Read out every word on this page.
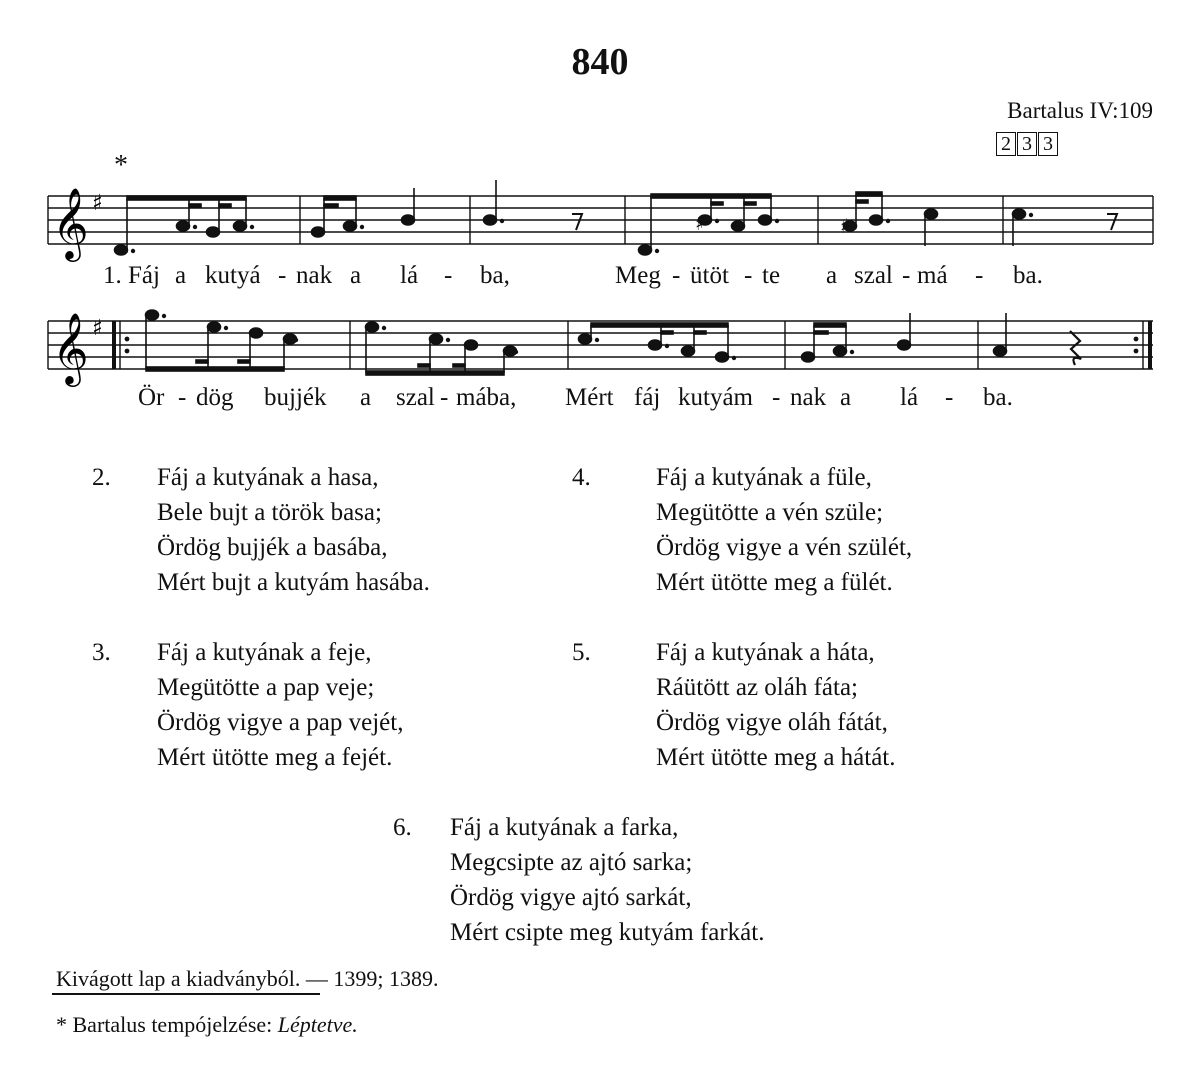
840
Bartalus IV:109
2 3 3
*
𝄞 ♯
♯	♯
1. Fáj a kutyá - nak a lá - ba,	Meg - ütöt - te a szal - má - ba.
𝄞 ♯
Ör - dög bujjék a szal - mába, Mért fáj kutyám - nak a lá - ba.
2. Fáj a kutyának a hasa,
Bele bujt a török basa;
Ördög bujjék a basába,
Mért bujt a kutyám hasába.
4.	Fáj a kutyának a füle,
Megütötte a vén szüle;
Ördög vigye a vén szülét,
Mért ütötte meg a fülét.
3. Fáj a kutyának a feje,
Megütötte a pap veje;
Ördög vigye a pap vejét,
Mért ütötte meg a fejét.
5.	Fáj a kutyának a háta,
Ráütött az oláh fáta;
Ördög vigye oláh fátát,
Mért ütötte meg a hátát.
6. Fáj a kutyának a farka,
Megcsipte az ajtó sarka;
Ördög vigye ajtó sarkát,
Mért csipte meg kutyám farkát.
Kivágott lap a kiadványból. — 1399; 1389.
* Bartalus tempójelzése: Léptetve.
